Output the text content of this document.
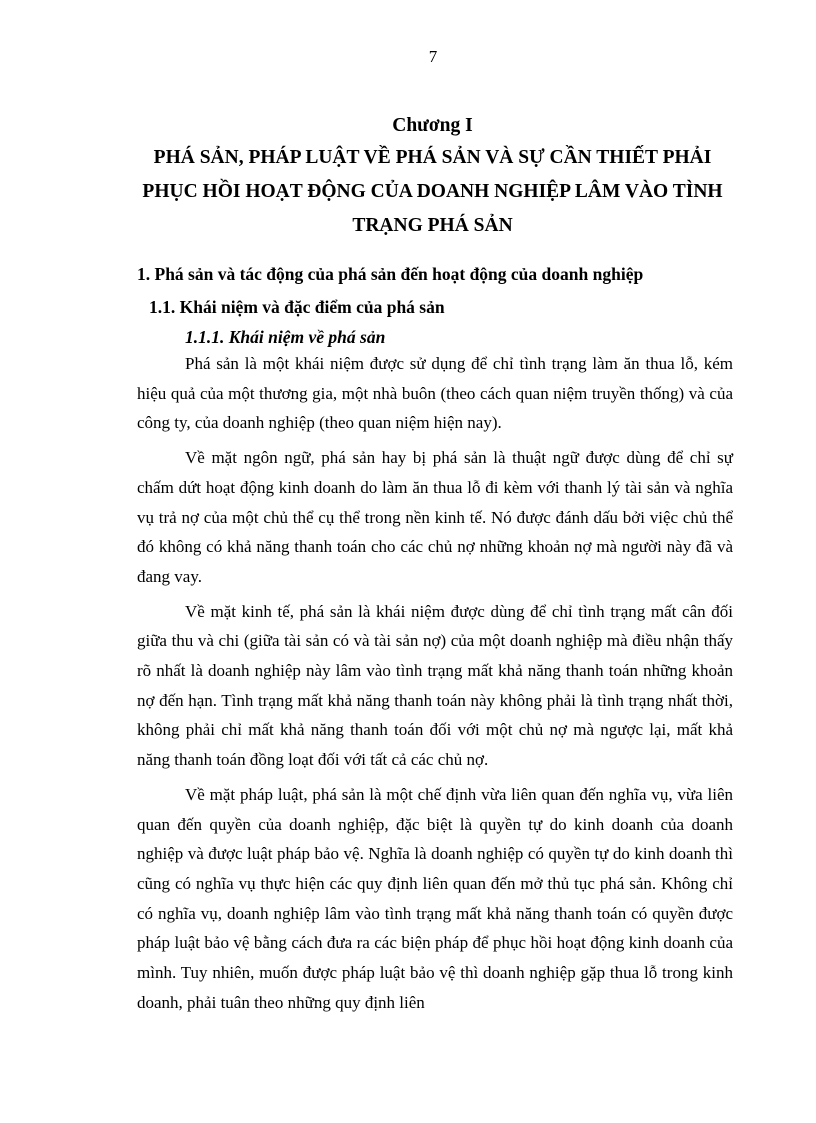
7
Chương I
PHÁ SẢN, PHÁP LUẬT VỀ PHÁ SẢN VÀ SỰ CẦN THIẾT PHẢI PHỤC HỒI HOẠT ĐỘNG CỦA DOANH NGHIỆP LÂM VÀO TÌNH TRẠNG PHÁ SẢN
1. Phá sản và tác động của phá sản đến hoạt động của doanh nghiệp
1.1. Khái niệm và đặc điểm của phá sản
1.1.1. Khái niệm về phá sản

Phá sản là một khái niệm được sử dụng để chỉ tình trạng làm ăn thua lỗ, kém hiệu quả của một thương gia, một nhà buôn (theo cách quan niệm truyền thống) và của công ty, của doanh nghiệp (theo quan niệm hiện nay).

Về mặt ngôn ngữ, phá sản hay bị phá sản là thuật ngữ được dùng để chỉ sự chấm dứt hoạt động kinh doanh do làm ăn thua lỗ đi kèm với thanh lý tài sản và nghĩa vụ trả nợ của một chủ thể cụ thể trong nền kinh tế. Nó được đánh dấu bởi việc chủ thể đó không có khả năng thanh toán cho các chủ nợ những khoản nợ mà người này đã và đang vay.

Về mặt kinh tế, phá sản là khái niệm được dùng để chỉ tình trạng mất cân đối giữa thu và chi (giữa tài sản có và tài sản nợ) của một doanh nghiệp mà điều nhận thấy rõ nhất là doanh nghiệp này lâm vào tình trạng mất khả năng thanh toán những khoản nợ đến hạn. Tình trạng mất khả năng thanh toán này không phải là tình trạng nhất thời, không phải chỉ mất khả năng thanh toán đối với một chủ nợ mà ngược lại, mất khả năng thanh toán đồng loạt đối với tất cả các chủ nợ.

Về mặt pháp luật, phá sản là một chế định vừa liên quan đến nghĩa vụ, vừa liên quan đến quyền của doanh nghiệp, đặc biệt là quyền tự do kinh doanh của doanh nghiệp và được luật pháp bảo vệ. Nghĩa là doanh nghiệp có quyền tự do kinh doanh thì cũng có nghĩa vụ thực hiện các quy định liên quan đến mở thủ tục phá sản. Không chỉ có nghĩa vụ, doanh nghiệp lâm vào tình trạng mất khả năng thanh toán có quyền được pháp luật bảo vệ bằng cách đưa ra các biện pháp để phục hồi hoạt động kinh doanh của mình. Tuy nhiên, muốn được pháp luật bảo vệ thì doanh nghiệp gặp thua lỗ trong kinh doanh, phải tuân theo những quy định liên
